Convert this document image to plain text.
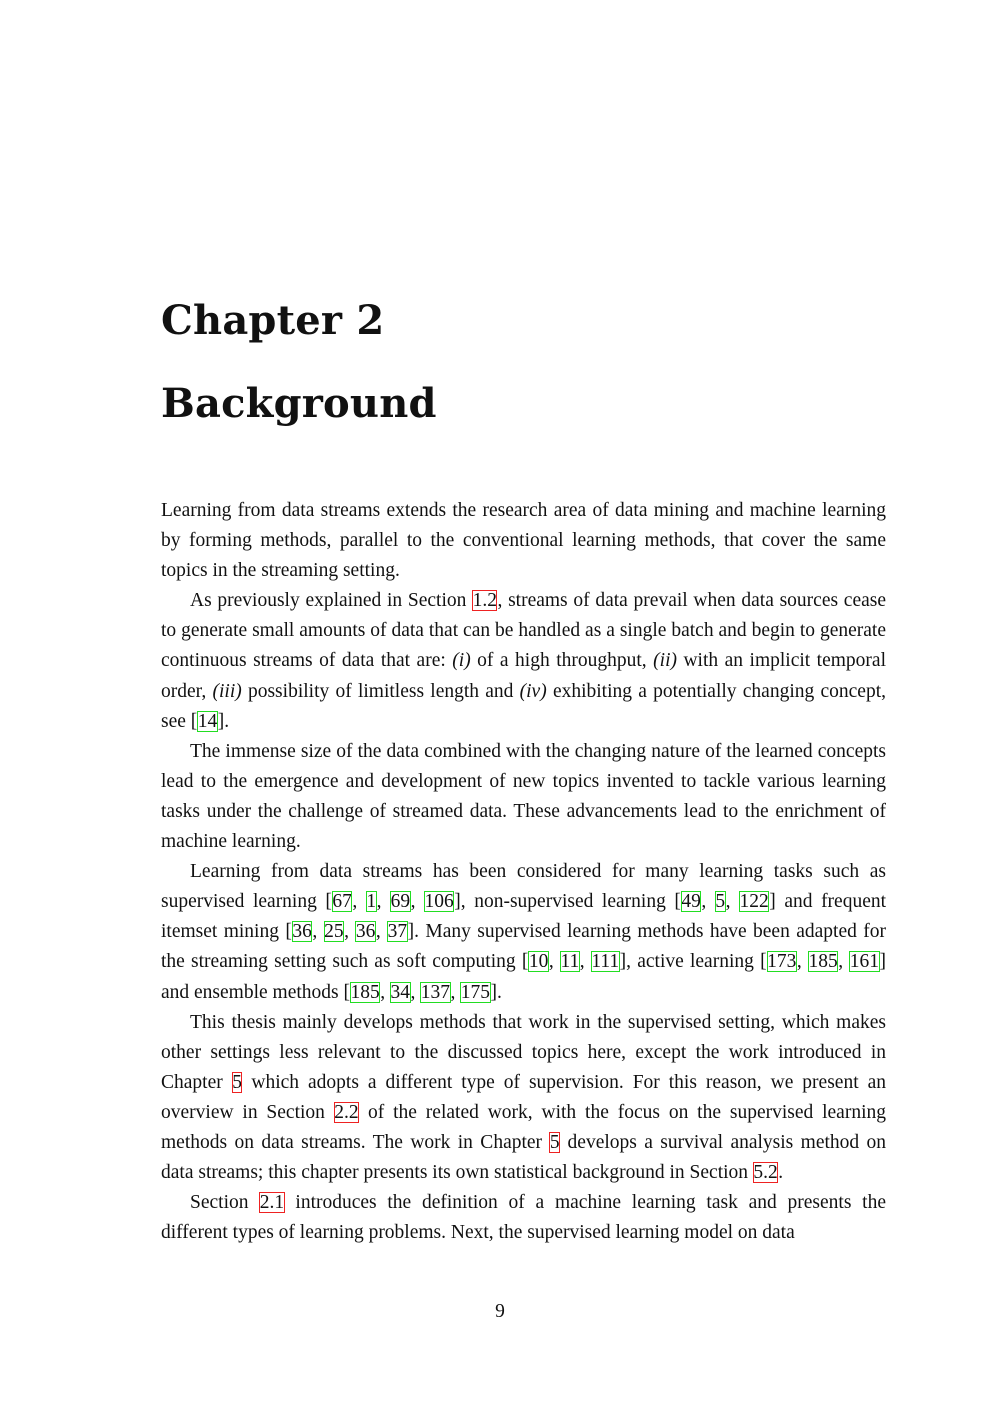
Chapter 2
Background

Learning from data streams extends the research area of data mining and machine learning by forming methods, parallel to the conventional learning methods, that cover the same topics in the streaming setting.

As previously explained in Section 1.2, streams of data prevail when data sources cease to generate small amounts of data that can be handled as a single batch and begin to generate continuous streams of data that are: (i) of a high throughput, (ii) with an implicit temporal order, (iii) possibility of limitless length and (iv) exhibiting a potentially changing concept, see [14].

The immense size of the data combined with the changing nature of the learned concepts lead to the emergence and development of new topics invented to tackle various learning tasks under the challenge of streamed data. These advancements lead to the enrichment of machine learning.

Learning from data streams has been considered for many learning tasks such as supervised learning [67, 1, 69, 106], non-supervised learning [49, 5, 122] and frequent itemset mining [36, 25, 36, 37]. Many supervised learning methods have been adapted for the streaming setting such as soft computing [10, 11, 111], active learning [173, 185, 161] and ensemble methods [185, 34, 137, 175].

This thesis mainly develops methods that work in the supervised setting, which makes other settings less relevant to the discussed topics here, except the work introduced in Chapter 5 which adopts a different type of supervision. For this reason, we present an overview in Section 2.2 of the related work, with the focus on the supervised learning methods on data streams. The work in Chapter 5 develops a survival analysis method on data streams; this chapter presents its own statistical background in Section 5.2.

Section 2.1 introduces the definition of a machine learning task and presents the different types of learning problems. Next, the supervised learning model on data

9
